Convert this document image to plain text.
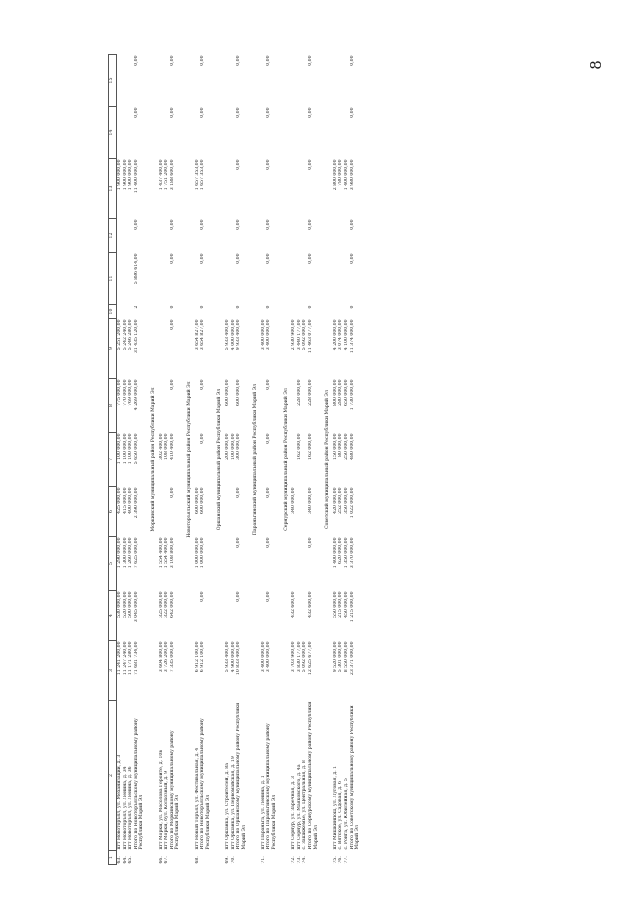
8
1	2	3	4	5	6	7	8	9	10	11	12	13	14	15
63.	пгт Новоторъял, ул. Механизации, д. 3	11 241 200,00	530 000,00	1 290 000,00	425 000,00	1 100 000,00	775 000,00	5 251 200,00				1 900 000,00		
64.	пгт Новоторъял, ул. Ленина, д. 34	11 247 240,00	520 000,00	1 300 000,00	415 000,00	1 100 000,00	770 000,00	5 242 240,00				1 900 000,00		
65.	пгт Новоторъял, ул. Ленина, д. 36	11 171 280,00	500 000,00	1 260 000,00	400 000,00	1 100 000,00	769 000,00	5 246 280,00				1 900 000,00		
	Итого по Новоторъяльскому муниципальному району Республики Марий Эл	71 681 734,00	3 045 000,00	7 625 000,00	2 390 000,00	5 650 000,00	4 269 000,00	31 435 120,00	2	5 886 614,00	0,00	11 400 000,00	0,00	0,00
Моркинский муниципальный район Республики Марий Эл														
66.	пгт Морки, ул. Мосолова Героите, д. 10в	3 604 800,00	325 000,00	1 554 400,00		302 400,00						1 437 400,00		
67.	пгт Морки, бул. Колхозный, д. 9	3 726 200,00	322 000,00	1 554 400,00		108 000,00						1 751 200,00		
	Итого по Моркинскому муниципальному району Республики Марий Эл	7 335 000,00	642 000,00	3 108 800,00	0,00	410 400,00	0,00	0,00	0	0,00	0,00	3 188 600,00	0,00	0,00
Новоторъяльский муниципальный район Республики Марий Эл														
68.	пгт Новый Торъял, ул. Фестивальная, д. 4	6 912 100,00		1 000 000,00	600 000,00			3 654 827,00				1 657 353,00		
	Итого по Новоторъяльскому муниципальному району Республики Марий Эл	6 912 100,00	0,00	1 000 000,00	600 000,00	0,00	0,00	3 654 827,00	0	0,00	0,00	1 657 353,00	0,00	0,00
Оршанский муниципальный район Республики Марий Эл														
69.	пгт Оршанка, ул. Строителей, д. 8а	5 933 400,00				200 000,00	600 000,00	5 933 400,00						
70.	пгт Оршанка, ул. Первомайская, д. 19	4 900 000,00				100 000,00		4 000 000,00						
	Итого по Оршанскому муниципальному району Республики Марий Эл	10 833 400,00	0,00	0,00	0,00	300 000,00	600 000,00	9 933 400,00	0	0,00	0,00	0,00	0,00	0,00
Параньгинский муниципальный район Республики Марий Эл														
71.	пгт Параньга, ул. Ленина, д. 1	3 400 000,00						3 400 000,00						
	Итого по Параньгинскому муниципальному району Республики Марий Эл	3 400 000,00	0,00	0,00	0,00	0,00	0,00	3 400 000,00	0	0,00	0,00	0,00	0,00	0,00
Сернурский муниципальный район Республики Марий Эл														
72.	пгт Сернур, ул. Заречная, д. 3	3 703 900,00	432 600,00		340 000,00			2 930 900,00						
73.	пгт Сернур, ул. Маяковского, д. 4а	3 830 177,00				162 000,00	228 000,00	3 440 177,00						
74.	с. Зашижемье, ул. Центральная, д. 8	5 092 000,00						5 092 000,00						
	Итого по Сернурскому муниципальному району Республики Марий Эл	12 625 677,00	432 600,00	0,00	340 000,00	162 000,00	228 000,00	11 463 077,00	0	0,00	0,00	0,00	0,00	0,00
Советский муниципальный район Республики Марий Эл														
75.	пгт Мишкинпош, ул. Луговая, д. 1	9 520 000,00	550 000,00	1 400 000,00	420 000,00	150 000,00	800 000,00	4 200 000,00				2 800 000,00		
76.	с. Вятское, ул. Садовая, д. 6	5 301 000,00	215 000,00	620 000,00	252 000,00	80 000,00	280 000,00	3 074 000,00				780 000,00		
77.	с. Ронга, ул. Юбилейная, д. 5	8 550 000,00	450 000,00	1 350 000,00	350 000,00	250 000,00	650 000,00	4 100 000,00				1 400 000,00		
	Итого по Советскому муниципальному району Республики Марий Эл	23 371 000,00	1 215 000,00	3 370 000,00	1 022 000,00	480 000,00	1 730 000,00	11 374 000,00	0	0,00	0,00	3 980 000,00	0,00	0,00
